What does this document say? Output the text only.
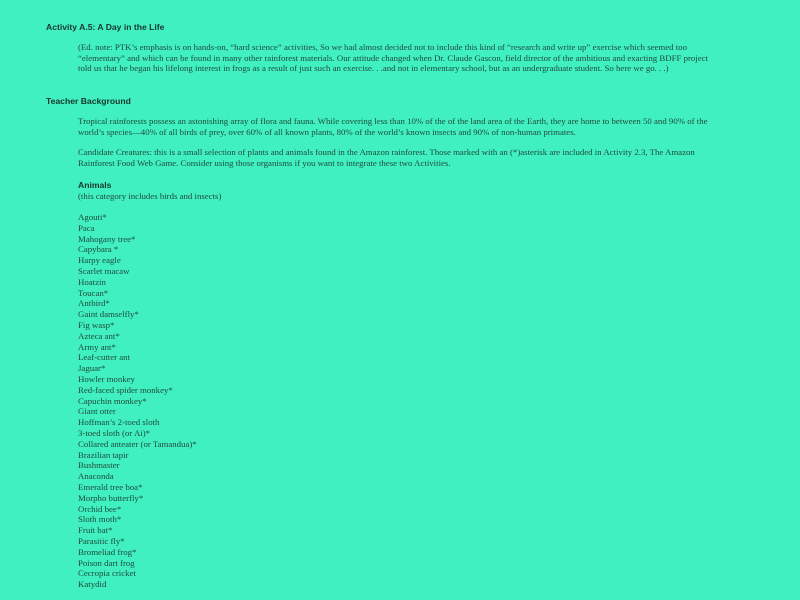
Activity A.5: A Day in the Life

(Ed. note: PTK’s emphasis is on hands-on, “hard science” activities, So we had almost decided not to include this kind of “research and write up” exercise which seemed too “elementary” and which can be found in many other rainforest materials. Our attitude changed when Dr. Claude Gascon, field director of the ambitious and exacting BDFF project told us that he began his lifelong interest in frogs as a result of just such an exercise. . .and not in elementary school, but as an undergraduate student. So here we go. . .)

Teacher Background

Tropical rainforests possess an astonishing array of flora and fauna. While covering less than 10% of the of the land area of the Earth, they are home to between 50 and 90% of the world’s species—40% of all birds of prey, over 60% of all known plants, 80% of the world’s known insects and 90% of non-human primates.

Candidate Creatures: this is a small selection of plants and animals found in the Amazon rainforest. Those marked with an (*)asterisk are included in Activity 2.3, The Amazon Rainforest Food Web Game. Consider using those organisms if you want to integrate these two Activities.

Animals
(this category includes birds and insects)
Agouti*
Paca
Mahogany tree*
Capybara *
Harpy eagle
Scarlet macaw
Hoatzin
Toucan*
Antbird*
Gaint damselfly*
Fig wasp*
Azteca ant*
Army ant*
Leaf-cutter ant
Jaguar*
Howler monkey
Red-faced spider monkey*
Capuchin monkey*
Giant otter
Hoffman’s 2-toed sloth
3-toed sloth (or Ai)*
Collared anteater (or Tamandua)*
Brazilian tapir
Bushmaster
Anaconda
Emerald tree boa*
Morpho butterfly*
Orchid bee*
Sloth moth*
Fruit bat*
Parasitic fly*
Bromeliad frog*
Poison dart frog
Cecropia cricket
Katydid
